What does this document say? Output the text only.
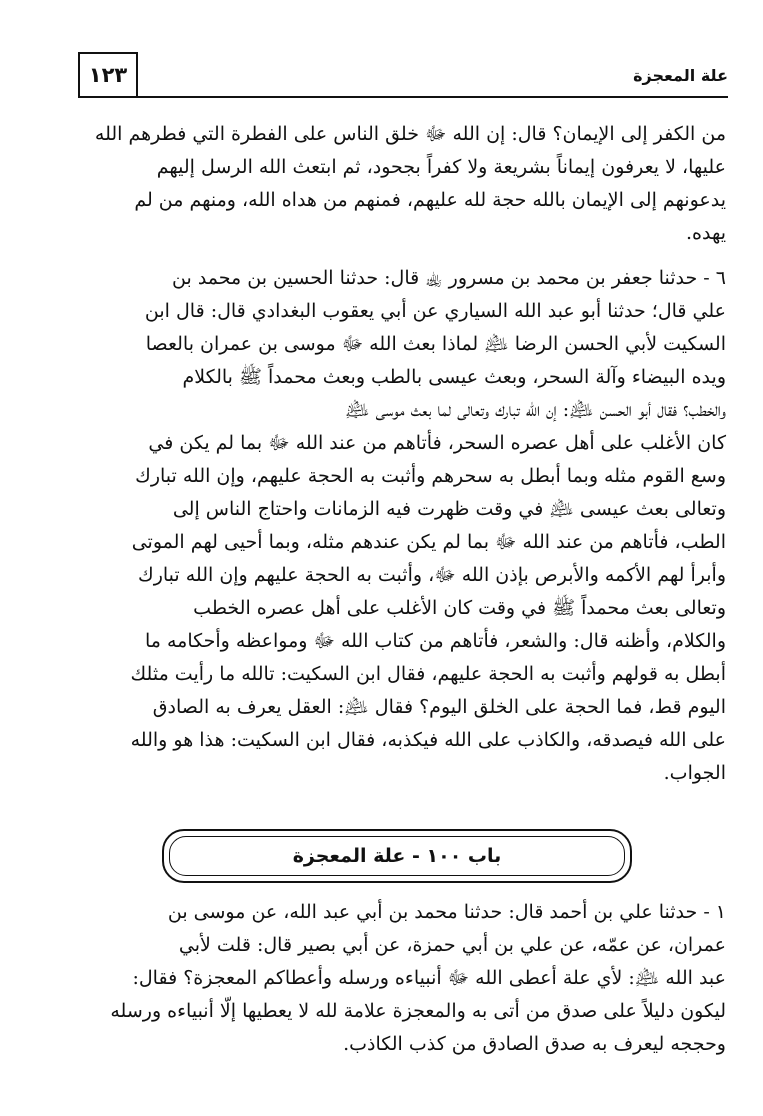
١٢٣	علة المعجزة

من الكفر إلى الإيمان؟ قال: إن الله ﷻ خلق الناس على الفطرة التي فطرهم الله
عليها، لا يعرفون إيماناً بشريعة ولا كفراً بجحود، ثم ابتعث الله الرسل إليهم
يدعونهم إلى الإيمان بالله حجة لله عليهم، فمنهم من هداه الله، ومنهم من لم
يهده.

٦ - حدثنا جعفر بن محمد بن مسرور ﵀ قال: حدثنا الحسين بن محمد بن
علي قال؛ حدثنا أبو عبد الله السياري عن أبي يعقوب البغدادي قال: قال ابن
السكيت لأبي الحسن الرضا ﵇ لماذا بعث الله ﷻ موسى بن عمران بالعصا
ويده البيضاء وآلة السحر، وبعث عيسى بالطب وبعث محمداً ﷺ بالكلام
والخطب؟ فقال أبو الحسن ﵇: إن الله تبارك وتعالى لما بعث موسى ﵇
كان الأغلب على أهل عصره السحر، فأتاهم من عند الله ﷻ بما لم يكن في
وسع القوم مثله وبما أبطل به سحرهم وأثبت به الحجة عليهم، وإن الله تبارك
وتعالى بعث عيسى ﵇ في وقت ظهرت فيه الزمانات واحتاج الناس إلى
الطب، فأتاهم من عند الله ﷻ بما لم يكن عندهم مثله، وبما أحيى لهم الموتى
وأبرأ لهم الأكمه والأبرص بإذن الله ﷻ، وأثبت به الحجة عليهم وإن الله تبارك
وتعالى بعث محمداً ﷺ في وقت كان الأغلب على أهل عصره الخطب
والكلام، وأظنه قال: والشعر، فأتاهم من كتاب الله ﷻ ومواعظه وأحكامه ما
أبطل به قولهم وأثبت به الحجة عليهم، فقال ابن السكيت: تالله ما رأيت مثلك
اليوم قط، فما الحجة على الخلق اليوم؟ فقال ﵇: العقل يعرف به الصادق
على الله فيصدقه، والكاذب على الله فيكذبه، فقال ابن السكيت: هذا هو والله
الجواب.

باب ١٠٠ - علة المعجزة

١ - حدثنا علي بن أحمد قال: حدثنا محمد بن أبي عبد الله، عن موسى بن
عمران، عن عمّه، عن علي بن أبي حمزة، عن أبي بصير قال: قلت لأبي
عبد الله ﵇: لأي علة أعطى الله ﷻ أنبياءه ورسله وأعطاكم المعجزة؟ فقال:
ليكون دليلاً على صدق من أتى به والمعجزة علامة لله لا يعطيها إلّا أنبياءه ورسله
وحججه ليعرف به صدق الصادق من كذب الكاذب.
